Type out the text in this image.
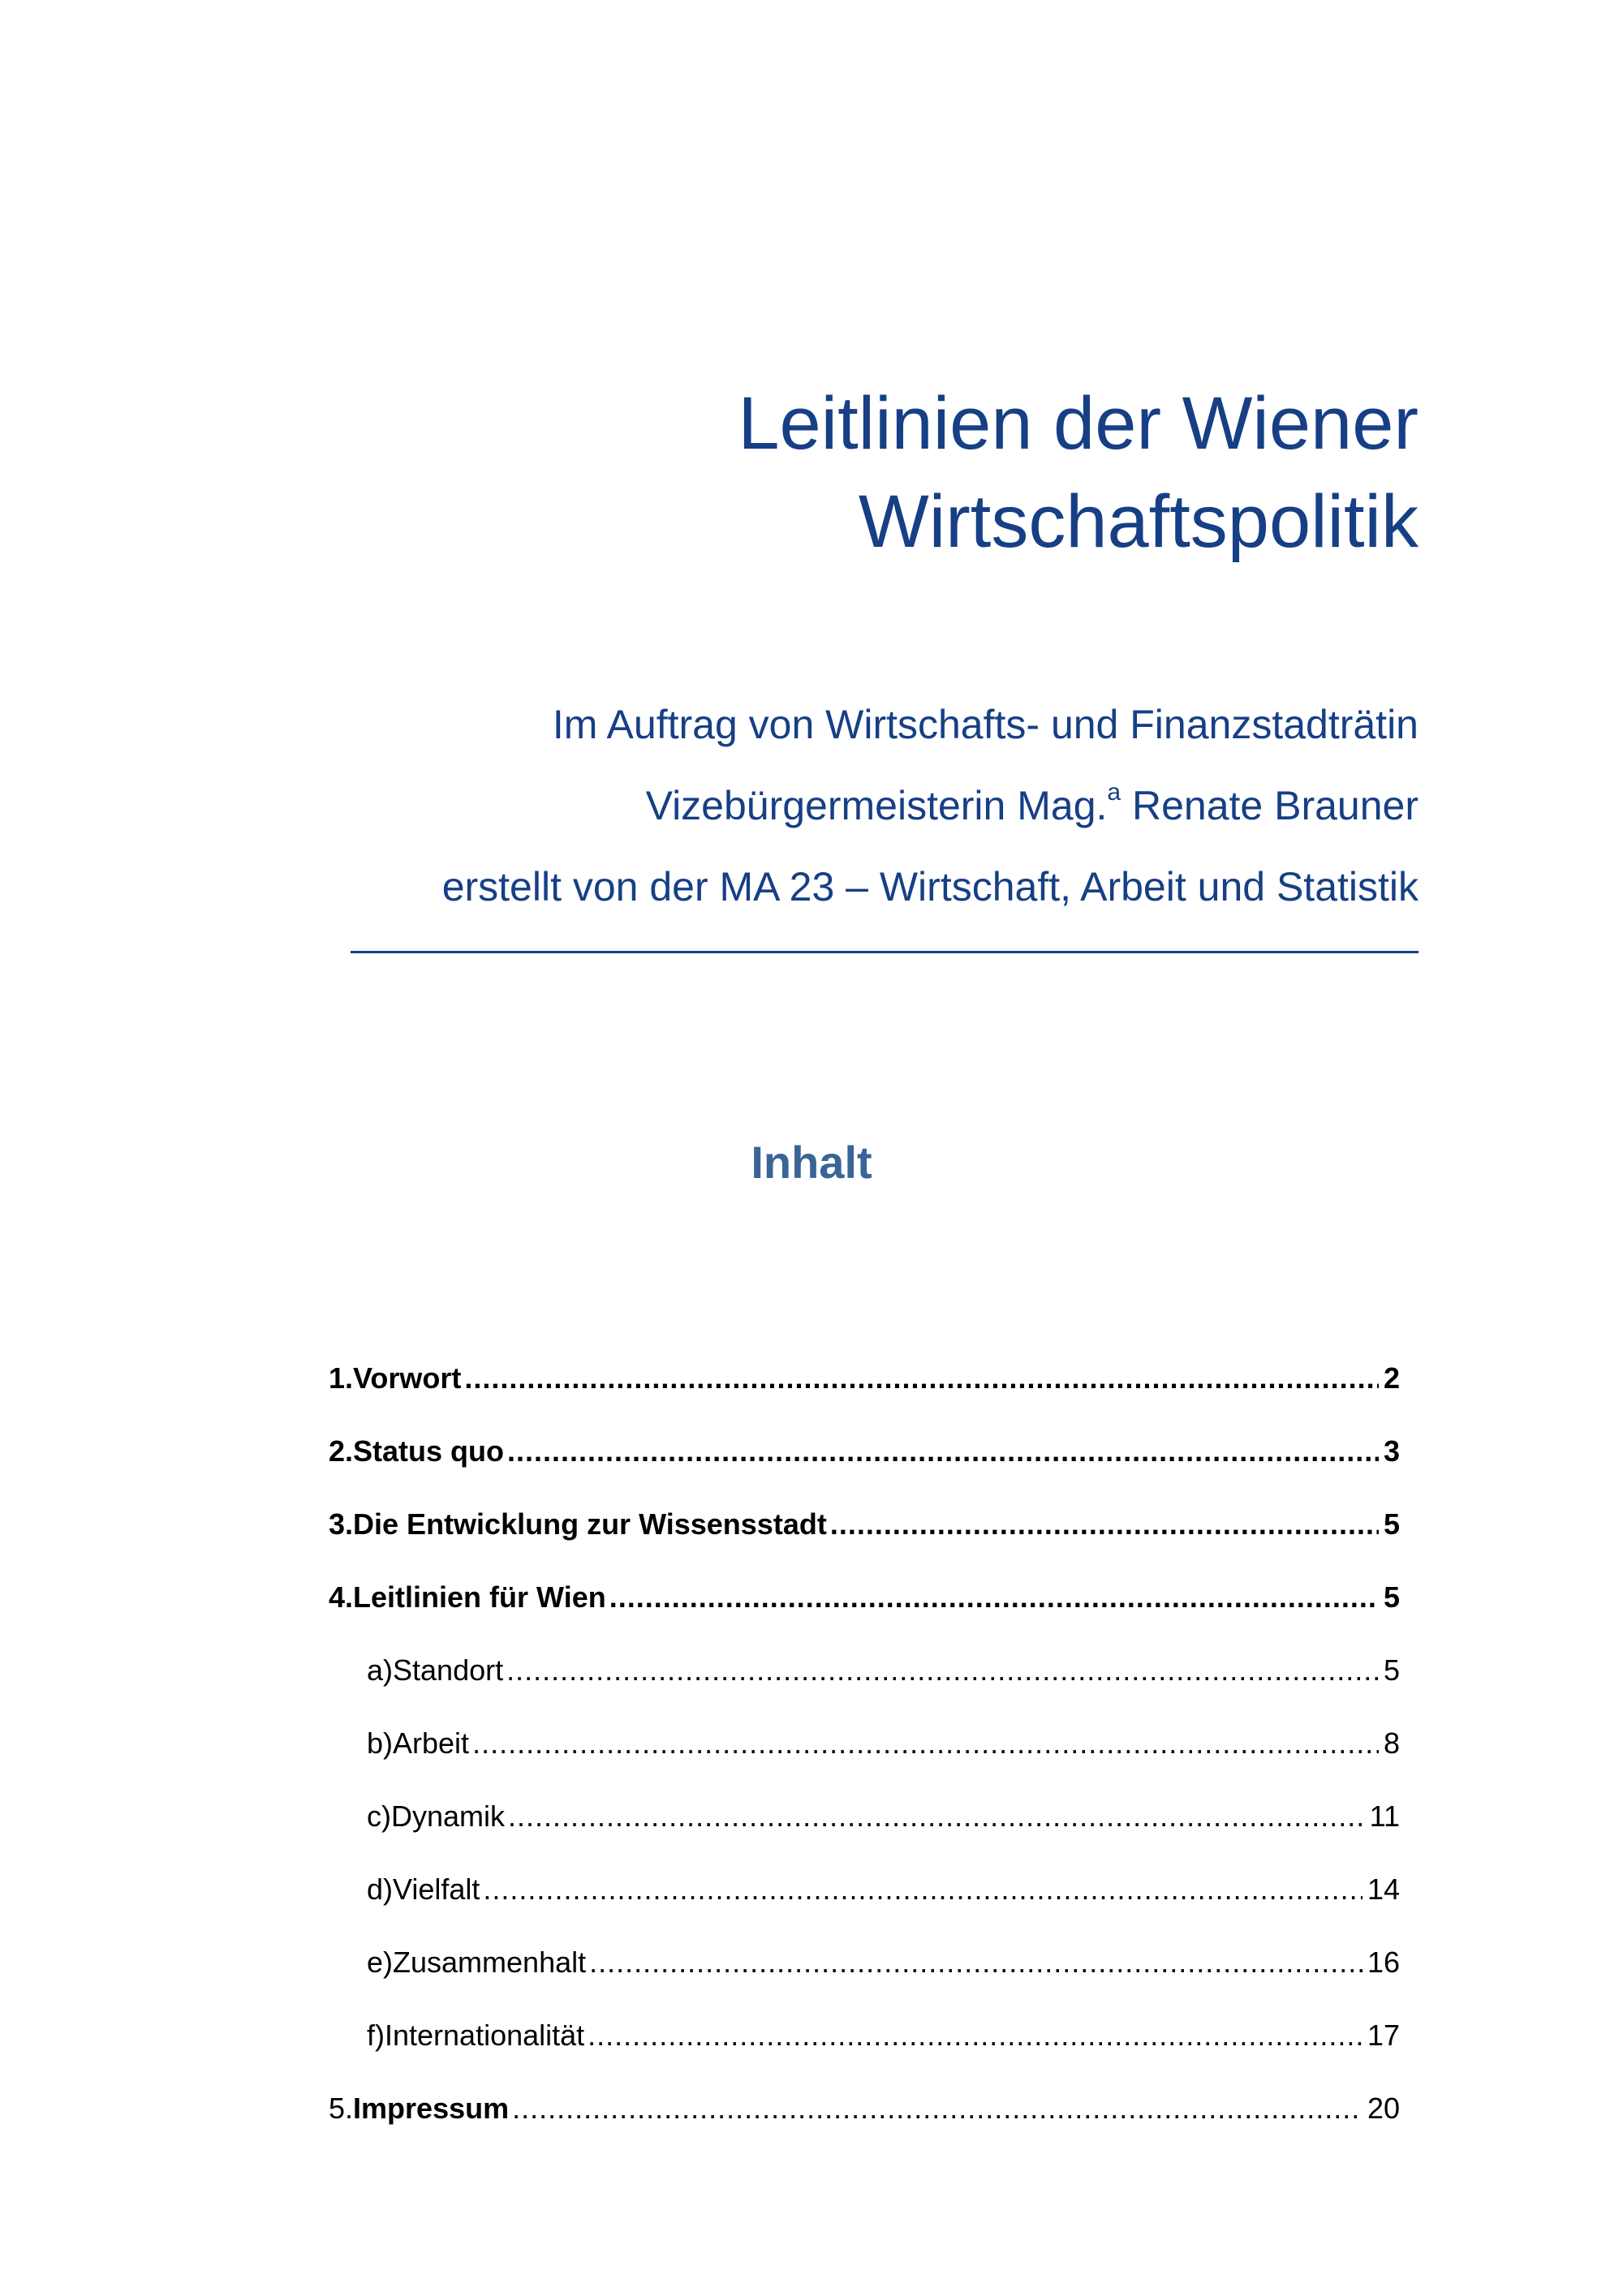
Leitlinien der Wiener
Wirtschaftspolitik
Im Auftrag von Wirtschafts- und Finanzstadträtin
Vizebürgermeisterin Mag.$^a$ Renate Brauner
erstellt von der MA 23 – Wirtschaft, Arbeit und Statistik
Inhalt
1. Vorwort .....	2
2. Status quo .....	3
3. Die Entwicklung zur Wissensstadt .....	5
4. Leitlinien für Wien .....	5
a) Standort .....	5
b) Arbeit .....	8
c) Dynamik .....	11
d) Vielfalt .....	14
e) Zusammenhalt .....	16
f) Internationalität .....	17
5. Impressum .....	20
